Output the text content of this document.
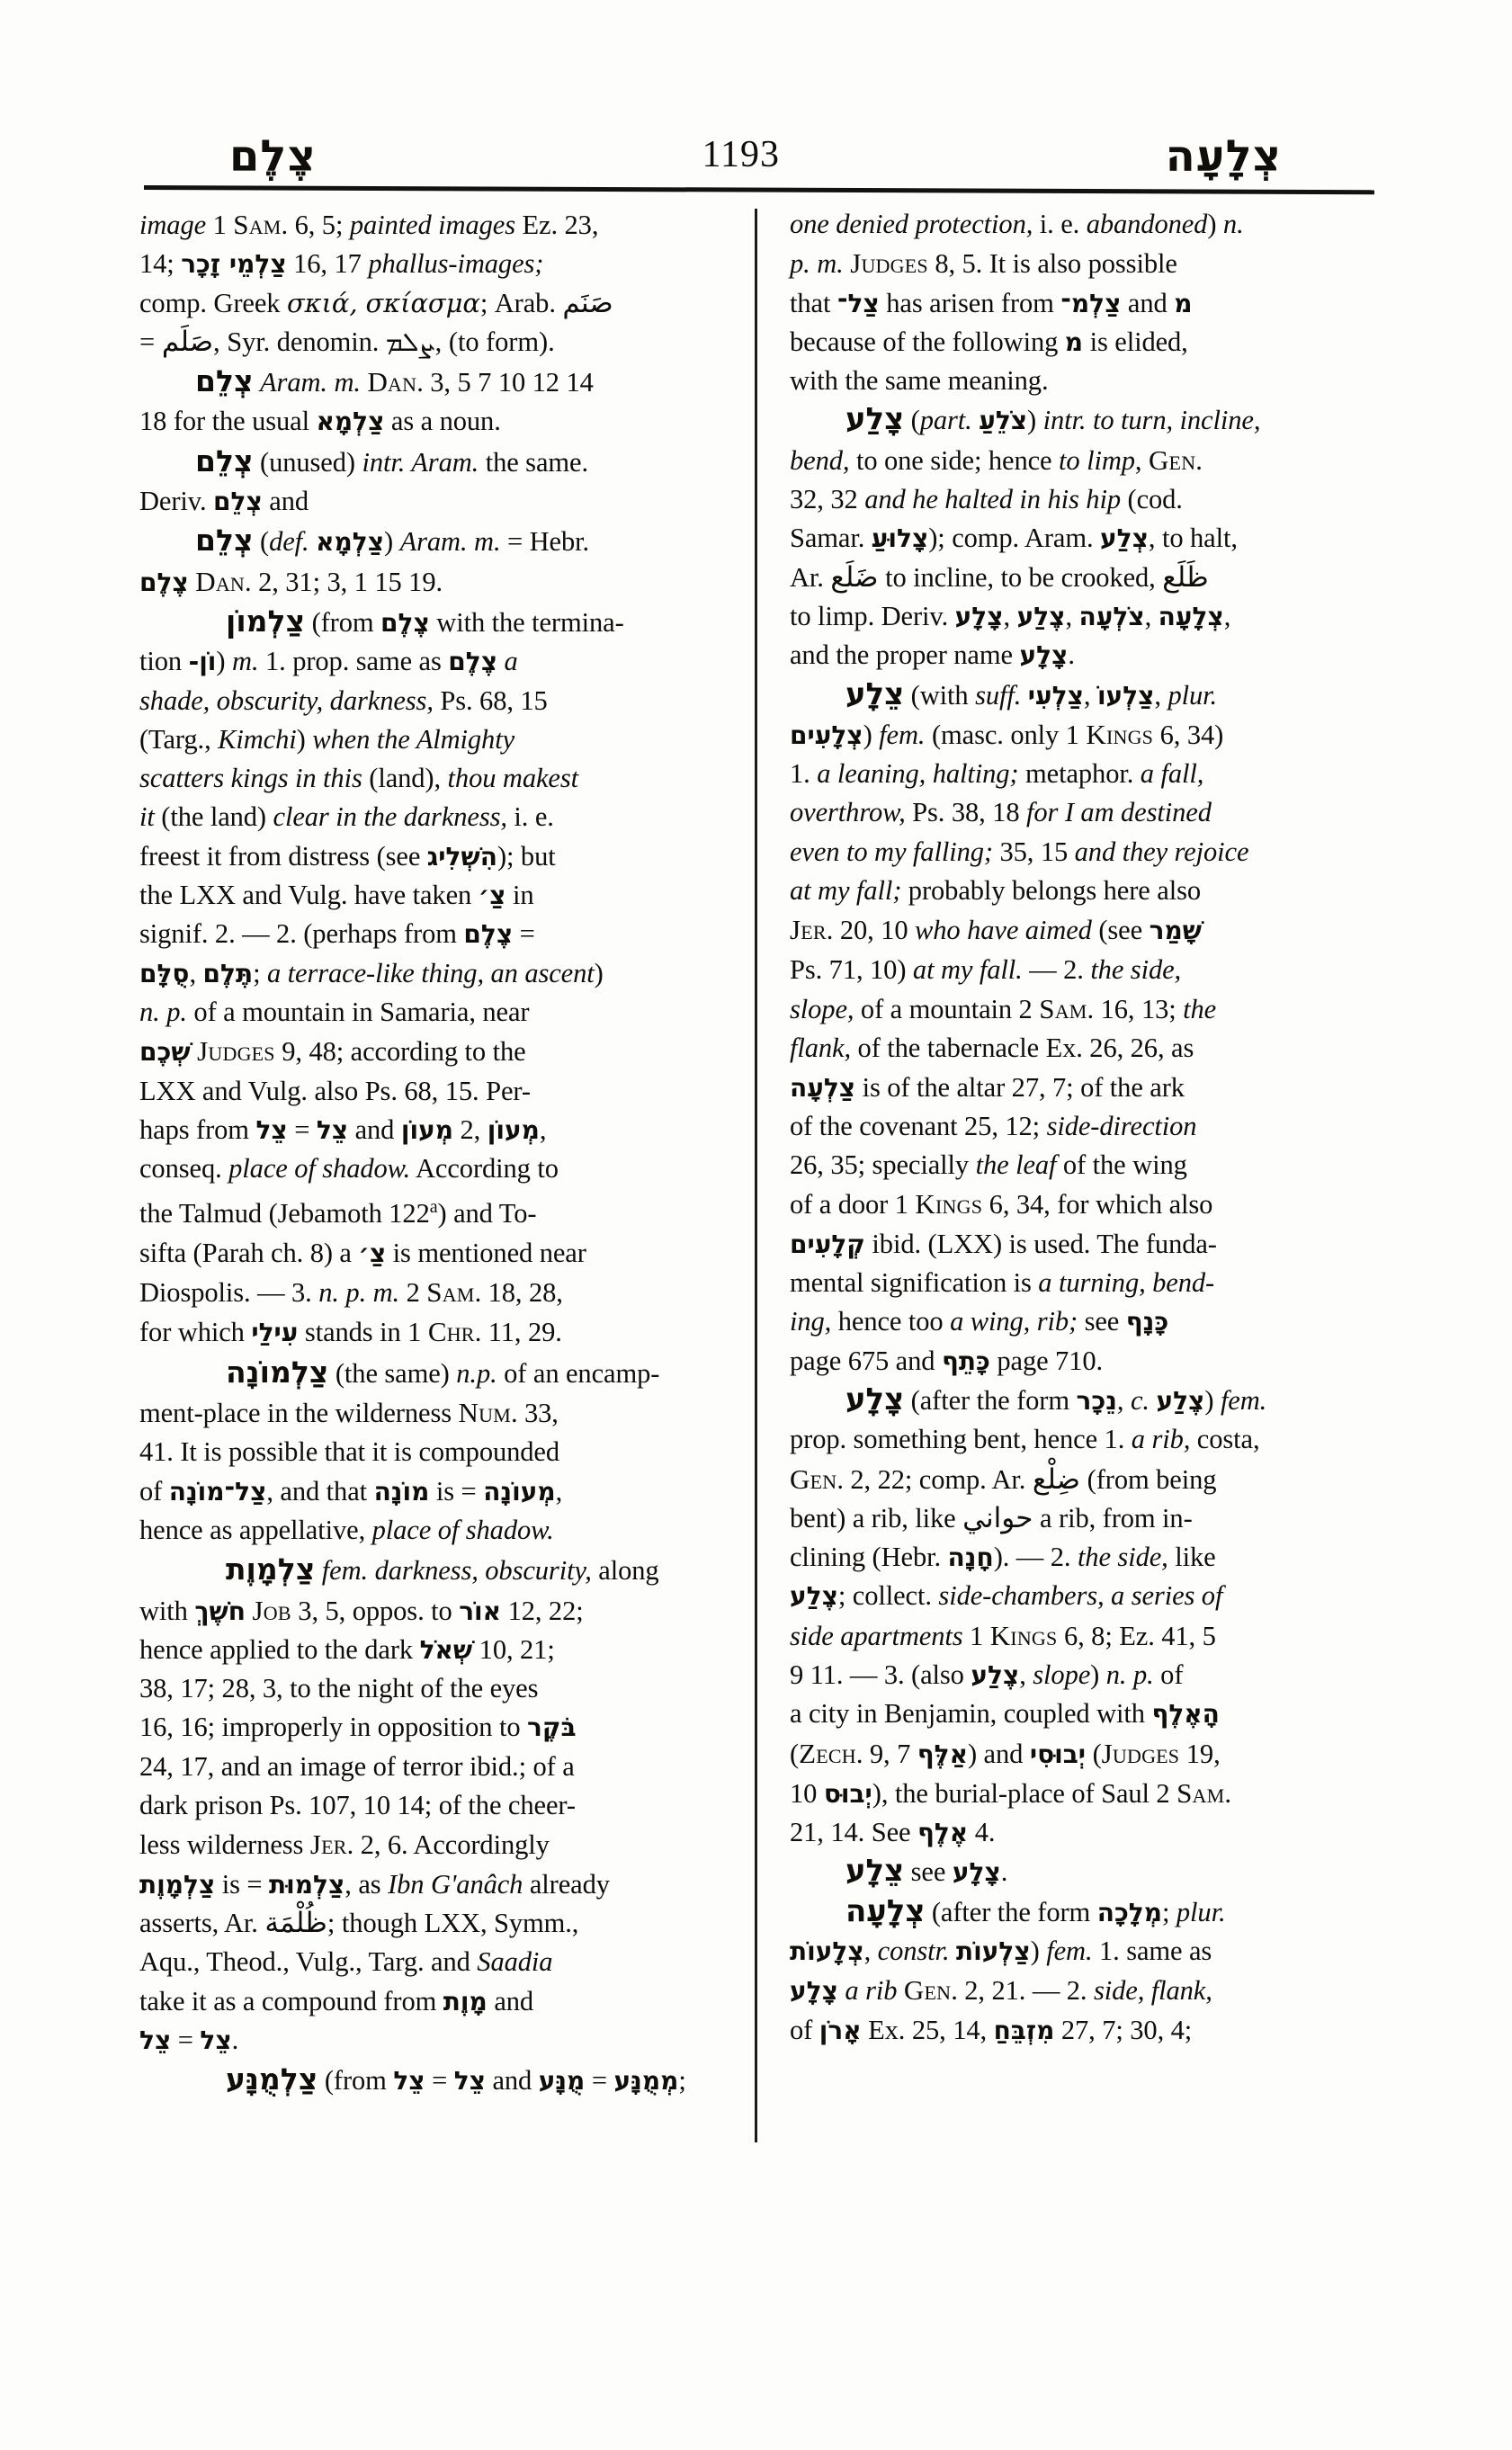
צֶלֶם	1193	צְלָעָה

image 1 Sam. 6, 5; painted images Ez. 23,

14; צַלְמֵי זָכָר 16, 17 phallus-images;

comp. Greek σκιά, σκίασμα; Arab. صَنَم

= صَلَم, Syr. denomin. ܨܠܡ, (to form).

צְלֵם Aram. m. Dan. 3, 5 7 10 12 14

18 for the usual צַלְמָא as a noun.

צְלֵם (unused) intr. Aram. the same.

Deriv. צְלֵם and

צְלֵם (def. צַלְמָא) Aram. m. = Hebr.

צֶלֶם Dan. 2, 31; 3, 1 15 19.

צַלְמוֹן (from צֶלֶם with the termina-

tion וֹן-) m. 1. prop. same as צֶלֶם a

shade, obscurity, darkness, Ps. 68, 15

(Targ., Kimchi) when the Almighty

scatters kings in this (land), thou makest

it (the land) clear in the darkness, i. e.

freest it from distress (see הִשְׁלִיג); but

the LXX and Vulg. have taken צַ׳ in

signif. 2. — 2. (perhaps from צֶלֶם =

סֻלָּם, תֶּלֶם; a terrace-like thing, an ascent)

n. p. of a mountain in Samaria, near

שְׁכֶם Judges 9, 48; according to the

LXX and Vulg. also Ps. 68, 15. Per-

haps from צֵל = צֵל and מְעוֹן 2, מְעוֹן,

conseq. place of shadow. According to

the Talmud (Jebamoth 122$^a$) and To-

sifta (Parah ch. 8) a צַ׳ is mentioned near

Diospolis. — 3. n. p. m. 2 Sam. 18, 28,

for which עִילַי stands in 1 Chr. 11, 29.

צַלְמוֹנָה (the same) n.p. of an encamp-

ment-place in the wilderness Num. 33,

41. It is possible that it is compounded

of צַל־מוֹנָה, and that מוֹנָה is = מְעוֹנָה,

hence as appellative, place of shadow.

צַלְמָוֶת fem. darkness, obscurity, along

with חֹשֶׁךְ Job 3, 5, oppos. to אוֹר 12, 22;

hence applied to the dark שְׁאֹל 10, 21;

38, 17; 28, 3, to the night of the eyes

16, 16; improperly in opposition to בֹּקֶר

24, 17, and an image of terror ibid.; of a

dark prison Ps. 107, 10 14; of the cheer-

less wilderness Jer. 2, 6. Accordingly

צַלְמָוֶת is = צַלְמוּת, as Ibn G'anâch already

asserts, Ar. ظُلْمَة; though LXX, Symm.,

Aqu., Theod., Vulg., Targ. and Saadia

take it as a compound from מָוֶת and

צֵל = צֵל.

צַלְמֻנָּע (from צֵל = צֵל and מֻנָּע = מְמֻנָּע;

one denied protection, i. e. abandoned) n.

p. m. Judges 8, 5. It is also possible

that צַל־ has arisen from צַלְמ־ and מ

because of the following מ is elided,

with the same meaning.

צָלַע (part. צֹלֵעַ) intr. to turn, incline,

bend, to one side; hence to limp, Gen.

32, 32 and he halted in his hip (cod.

Samar. צָלוּעַ); comp. Aram. צְלַע, to halt,

Ar. ضَلَع to incline, to be crooked, ظَلَع

to limp. Deriv. צָלָע, צֶלַע, צֹלְעָה, צְלָעָה,

and the proper name צָלָע.

צֵלָע (with suff. צַלְעִי, צַלְעוֹ, plur.

צְלָעִים) fem. (masc. only 1 Kings 6, 34)

1. a leaning, halting; metaphor. a fall,

overthrow, Ps. 38, 18 for I am destined

even to my falling; 35, 15 and they rejoice

at my fall; probably belongs here also

Jer. 20, 10 who have aimed (see שָׁמַר

Ps. 71, 10) at my fall. — 2. the side,

slope, of a mountain 2 Sam. 16, 13; the

flank, of the tabernacle Ex. 26, 26, as

צַלְעָה is of the altar 27, 7; of the ark

of the covenant 25, 12; side-direction

26, 35; specially the leaf of the wing

of a door 1 Kings 6, 34, for which also

קְלָעִים ibid. (LXX) is used. The funda-

mental signification is a turning, bend-

ing, hence too a wing, rib; see כָּנָף

page 675 and כָּתֵף page 710.

צָלָע (after the form נֵכָר, c. צֶלַע) fem.

prop. something bent, hence 1. a rib, costa,

Gen. 2, 22; comp. Ar. ضِلْع (from being

bent) a rib, like حواني a rib, from in-

clining (Hebr. חָנָה). — 2. the side, like

צֶלַע; collect. side-chambers, a series of

side apartments 1 Kings 6, 8; Ez. 41, 5

9 11. — 3. (also צֶלַע, slope) n. p. of

a city in Benjamin, coupled with הָאֶלֶף

(Zech. 9, 7 אַלֶּף) and יְבוּסִי (Judges 19,

10 יְבוּס), the burial-place of Saul 2 Sam.

21, 14. See אֶלֶף 4.

צֵלָע see צָלָע.

צְלָעָה (after the form מְלָכָה; plur.

צְלָעוֹת, constr. צַלְעוֹת) fem. 1. same as

צָלָע a rib Gen. 2, 21. — 2. side, flank,

of אָרֹן Ex. 25, 14, מִזְבֵּחַ 27, 7; 30, 4;
